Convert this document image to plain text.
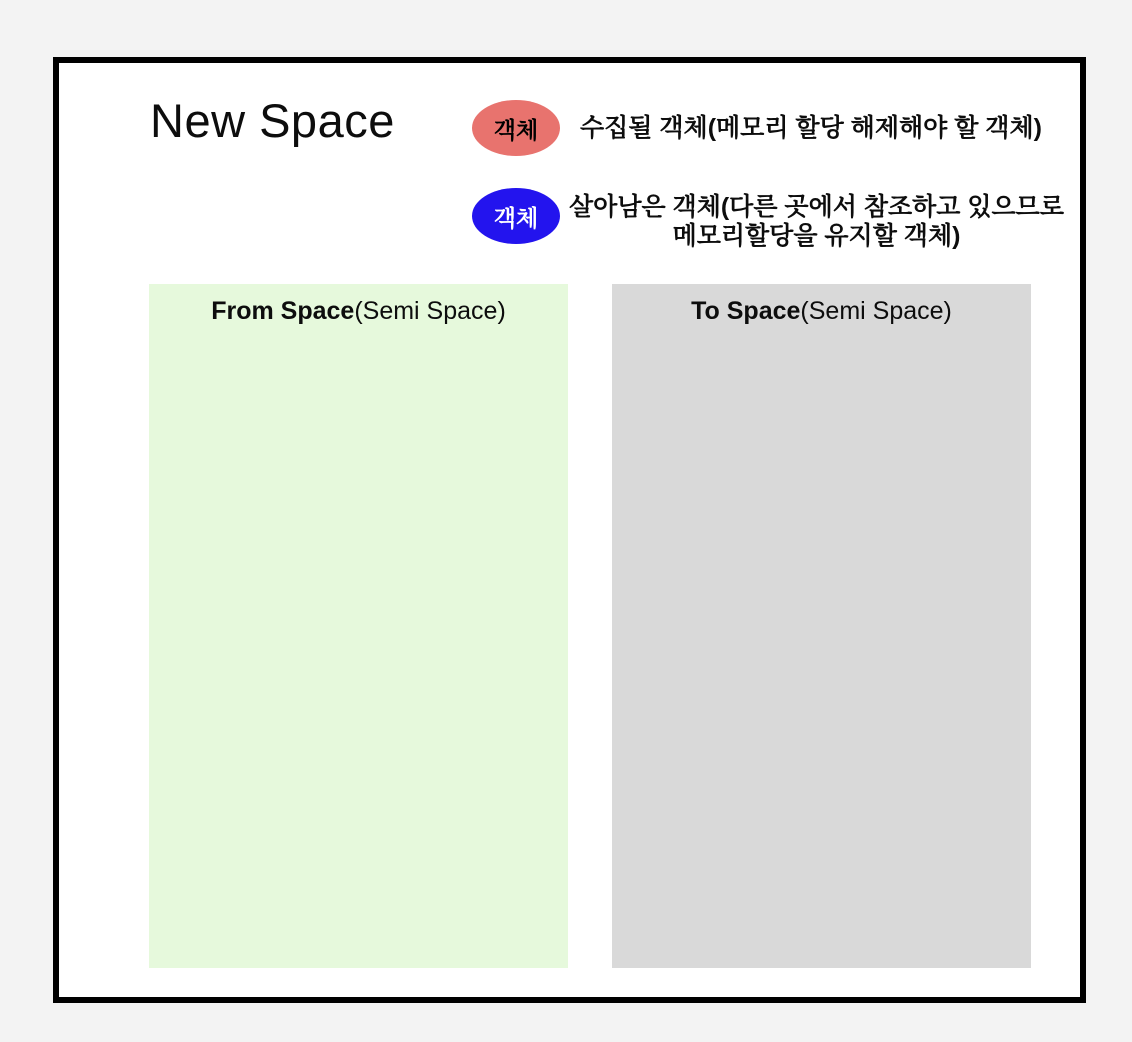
New Space	객체	수집될 객체(메모리 할당 해제해야 할 객체)
객체	살아남은 객체(다른 곳에서 참조하고 있으므로
메모리할당을 유지할 객체)
From Space(Semi Space)	To Space(Semi Space)
